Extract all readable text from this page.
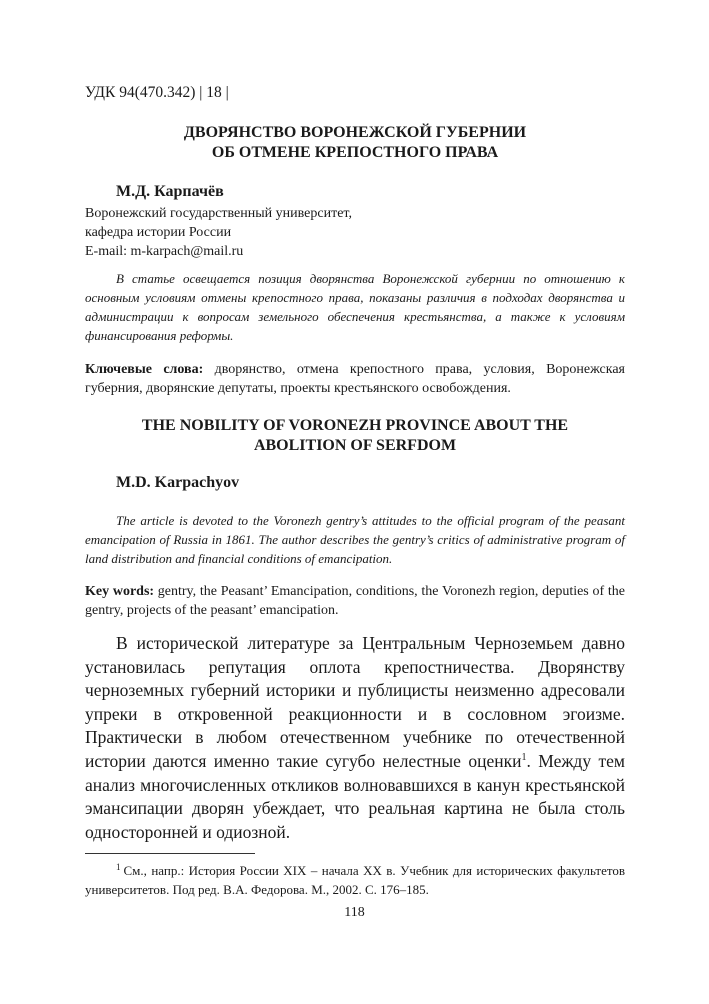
УДК 94(470.342) | 18 |
ДВОРЯНСТВО ВОРОНЕЖСКОЙ ГУБЕРНИИ
ОБ ОТМЕНЕ КРЕПОСТНОГО ПРАВА
М.Д. Карпачёв
Воронежский государственный университет,
кафедра истории России
E-mail: m-karpach@mail.ru

В статье освещается позиция дворянства Воронежской губернии по отношению к основным условиям отмены крепостного права, показаны различия в подходах дворянства и администрации к вопросам земельного обеспечения крестьянства, а также к условиям финансирования реформы.

Ключевые слова: дворянство, отмена крепостного права, условия, Воронежская губерния, дворянские депутаты, проекты крестьянского освобождения.

THE NOBILITY OF VORONEZH PROVINCE ABOUT THE
ABOLITION OF SERFDOM
M.D. Karpachyov

The article is devoted to the Voronezh gentry’s attitudes to the official program of the peasant emancipation of Russia in 1861. The author describes the gentry’s critics of administrative program of land distribution and financial conditions of emancipation.

Key words: gentry, the Peasant’ Emancipation, conditions, the Voronezh region, deputies of the gentry, projects of the peasant’ emancipation.

В исторической литературе за Центральным Черноземьем давно установилась репутация оплота крепостничества. Дворянству черноземных губерний историки и публицисты неизменно адресовали упреки в откровенной реакционности и в сословном эгоизме. Практически в любом отечественном учебнике по отечественной истории даются именно такие сугубо нелестные оценки$^1$. Между тем анализ многочисленных откликов волновавшихся в канун крестьянской эмансипации дворян убеждает, что реальная картина не была столь односторонней и одиозной.

$^1$ См., напр.: История России XIX – начала XX в. Учебник для исторических факультетов университетов. Под ред. В.А. Федорова. М., 2002. С. 176–185.

118
